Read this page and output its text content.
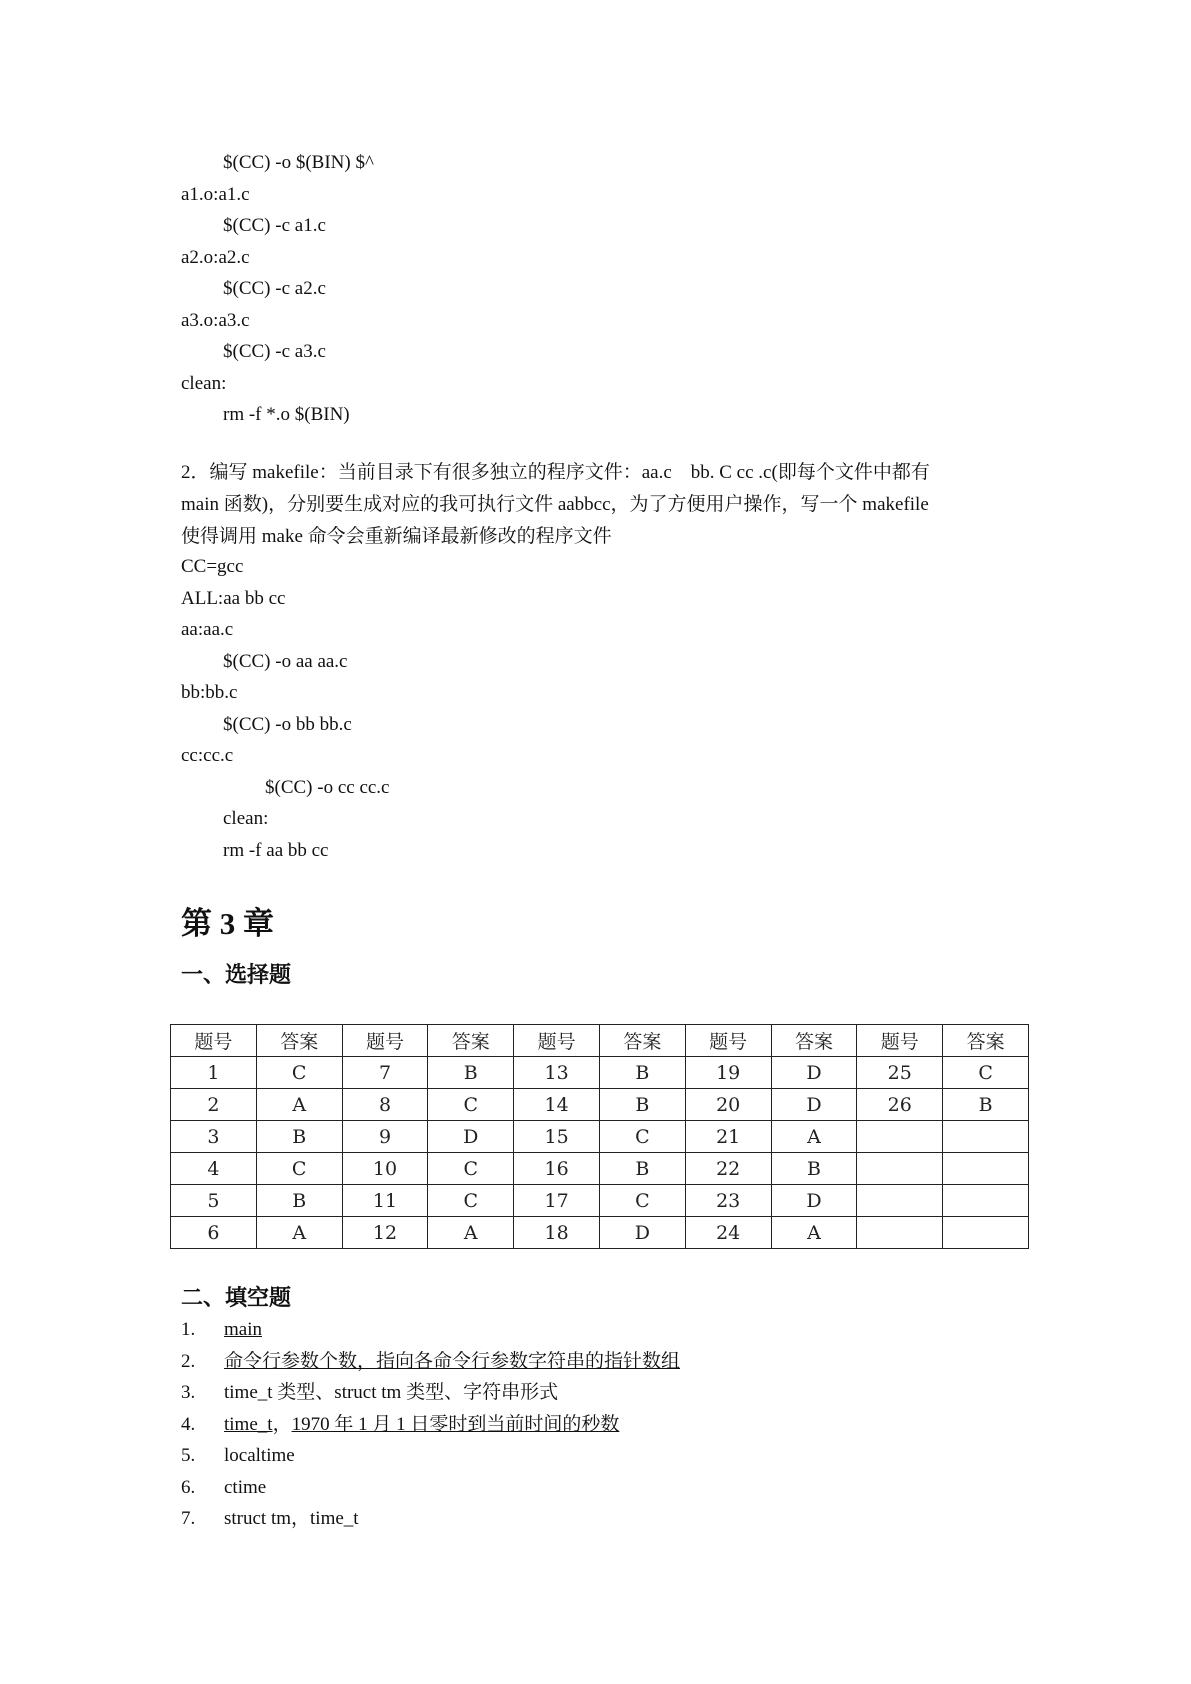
$(CC) -o $(BIN) $^
a1.o:a1.c
$(CC) -c a1.c
a2.o:a2.c
$(CC) -c a2.c
a3.o:a3.c
$(CC) -c a3.c
clean:
rm -f *.o $(BIN)
2．编写 makefile：当前目录下有很多独立的程序文件：aa.c　bb. C cc .c(即每个文件中都有
main 函数)，分别要生成对应的我可执行文件 aabbcc，为了方便用户操作，写一个 makefile
使得调用 make 命令会重新编译最新修改的程序文件
CC=gcc
ALL:aa bb cc
aa:aa.c
$(CC) -o aa aa.c
bb:bb.c
$(CC) -o bb bb.c
cc:cc.c
$(CC) -o cc cc.c
clean:
rm -f aa bb cc
第 3 章
一、选择题
题号	答案	题号	答案	题号	答案	题号	答案	题号	答案
1	C	7	B	13	B	19	D	25	C
2	A	8	C	14	B	20	D	26	B
3	B	9	D	15	C	21	A		
4	C	10	C	16	B	22	B		
5	B	11	C	17	C	23	D		
6	A	12	A	18	D	24	A		
二、填空题
1.	main
2.	命令行参数个数，指向各命令行参数字符串的指针数组
3.	time_t 类型、struct tm 类型、字符串形式
4.	time_t，1970 年 1 月 1 日零时到当前时间的秒数
5.	localtime
6.	ctime
7.	struct tm，time_t
